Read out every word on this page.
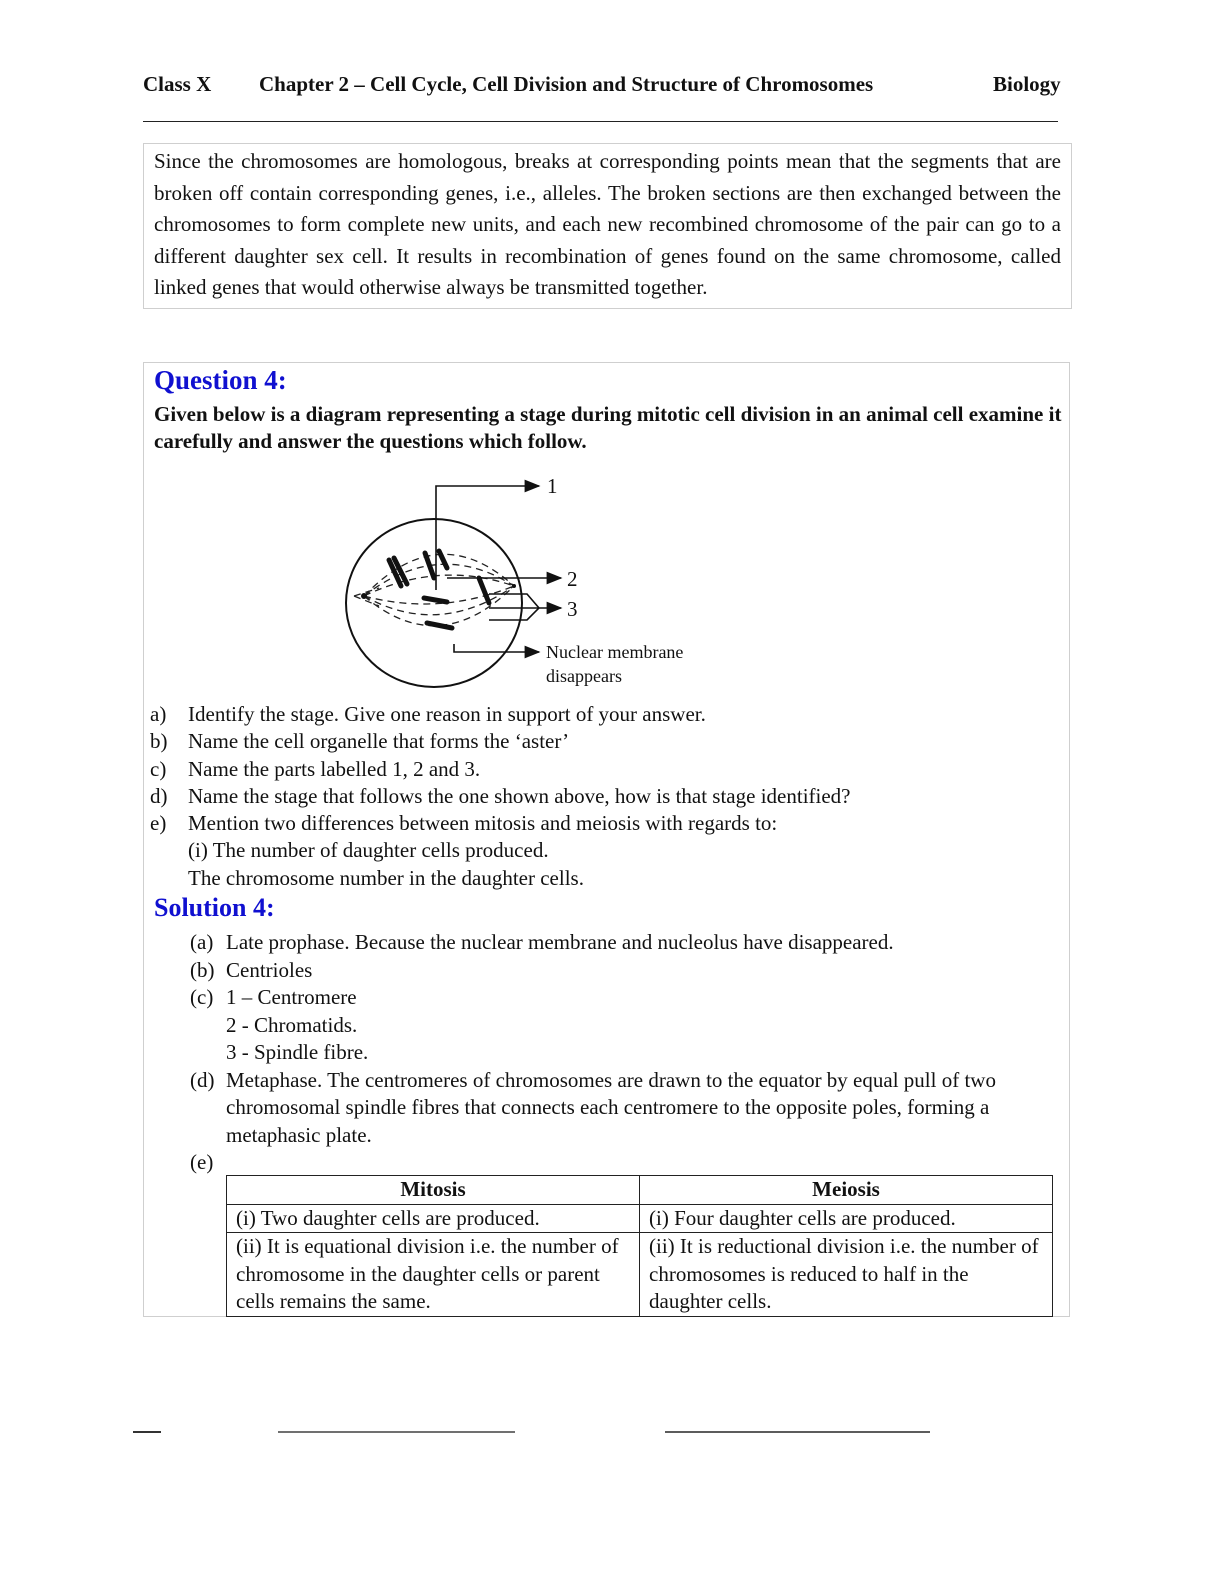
Class X Chapter 2 – Cell Cycle, Cell Division and Structure of Chromosomes	Biology
Since the chromosomes are homologous, breaks at corresponding points mean that the segments that are broken off contain corresponding genes, i.e., alleles. The broken sections are then exchanged between the chromosomes to form complete new units, and each new recombined chromosome of the pair can go to a different daughter sex cell. It results in recombination of genes found on the same chromosome, called linked genes that would otherwise always be transmitted together.
Question 4:
Given below is a diagram representing a stage during mitotic cell division in an animal cell examine it carefully and answer the questions which follow.
1
2
3
Nuclear membrane
disappears
a)	Identify the stage. Give one reason in support of your answer.
b) Name the cell organelle that forms the ‘aster’
c)	Name the parts labelled 1, 2 and 3.
d) Name the stage that follows the one shown above, how is that stage identified?
e)	Mention two differences between mitosis and meiosis with regards to:
(i) The number of daughter cells produced.
The chromosome number in the daughter cells.
Solution 4:
(a) Late prophase. Because the nuclear membrane and nucleolus have disappeared.
(b) Centrioles
(c) 1 – Centromere
2 - Chromatids.
3 - Spindle fibre.
(d) Metaphase. The centromeres of chromosomes are drawn to the equator by equal pull of two chromosomal spindle fibres that connects each centromere to the opposite poles, forming a metaphasic plate.
(e)
Mitosis	Meiosis
(i) Two daughter cells are produced.	(i) Four daughter cells are produced.
(ii) It is equational division i.e. the number of chromosome in the daughter cells or parent cells remains the same.	(ii) It is reductional division i.e. the number of chromosomes is reduced to half in the daughter cells.
